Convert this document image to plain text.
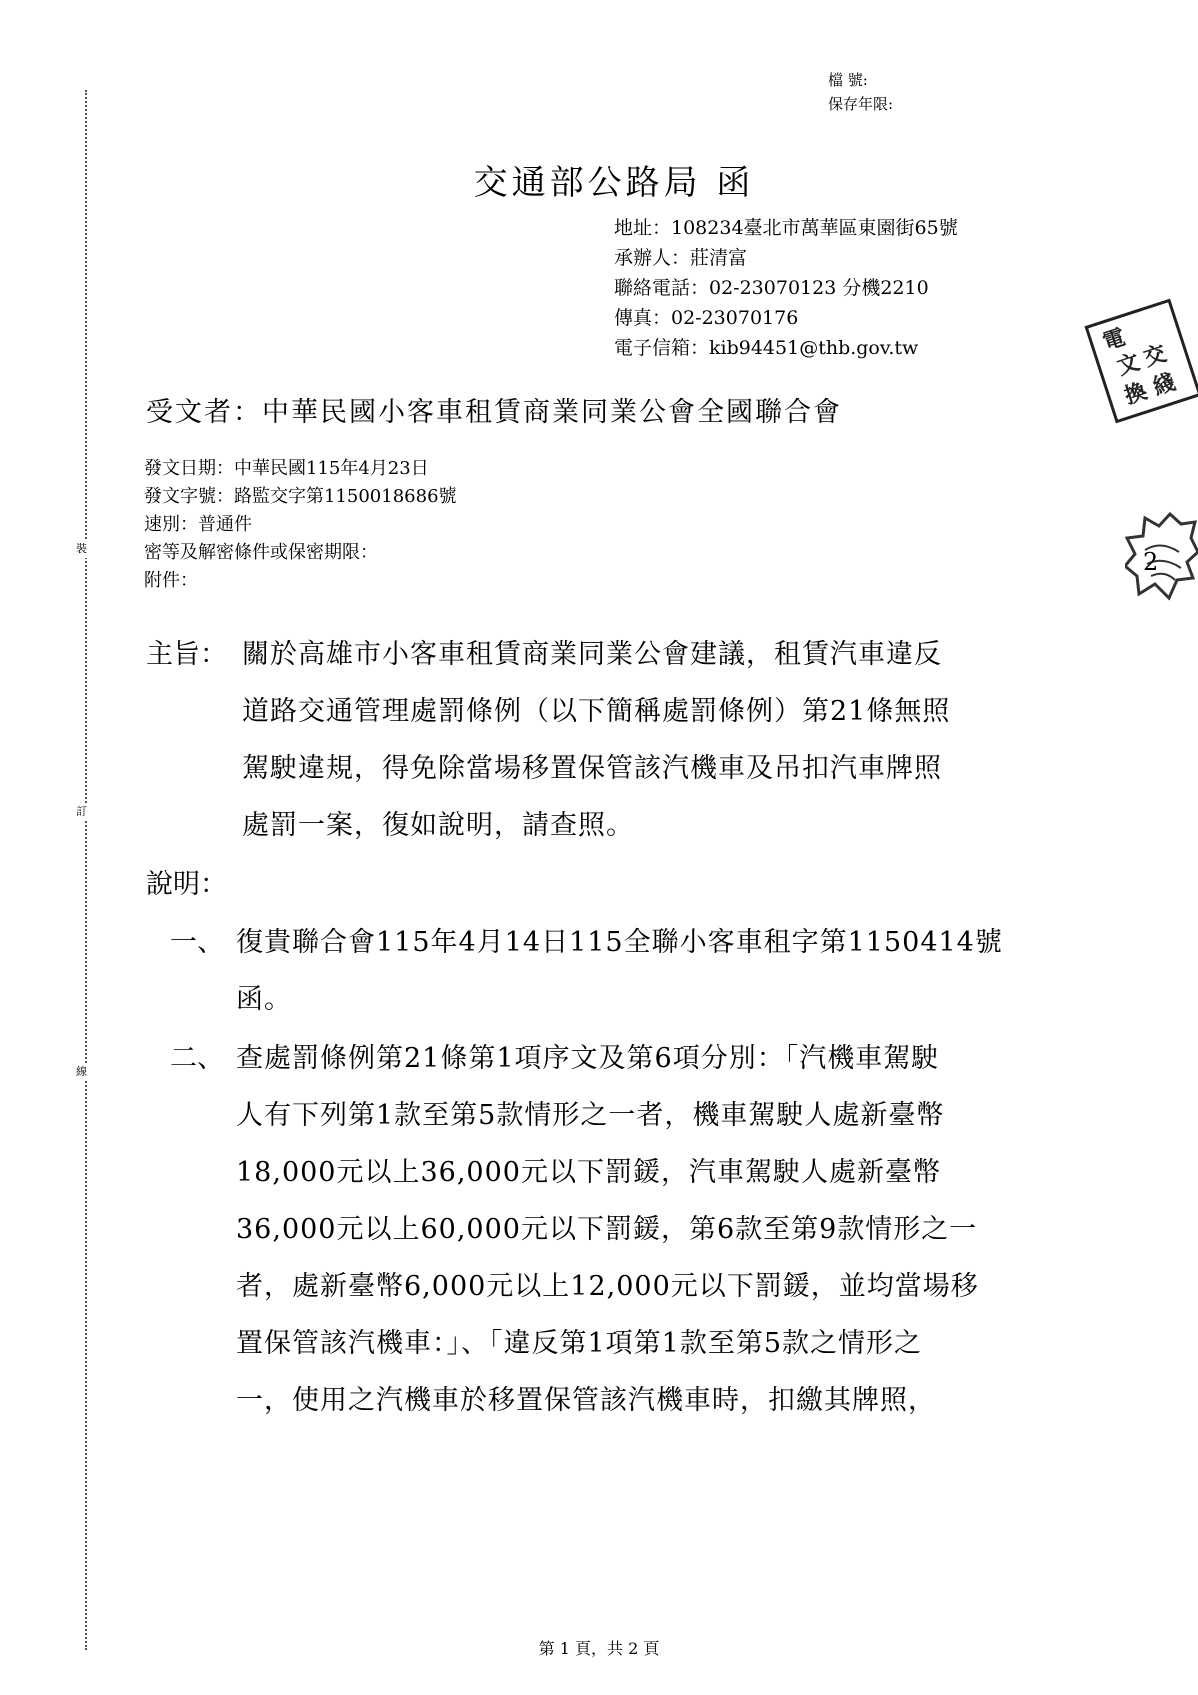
裝
訂
線
檔 號:
保存年限:
交通部公路局 函
地址：108234臺北市萬華區東園街65號
承辦人：莊清富
聯絡電話：02-23070123 分機2210
傳真：02-23070176
電子信箱：kib94451@thb.gov.tw	電
文
交
換 綫
2
受文者：中華民國小客車租賃商業同業公會全國聯合會
發文日期：中華民國115年4月23日
發文字號：路監交字第1150018686號
速別：普通件
密等及解密條件或保密期限：
附件：
主旨： 關於高雄市小客車租賃商業同業公會建議，租賃汽車違反
道路交通管理處罰條例（以下簡稱處罰條例）第21條無照
駕駛違規，得免除當場移置保管該汽機車及吊扣汽車牌照
處罰一案，復如說明，請查照。
說明：
一、 復貴聯合會115年4月14日115全聯小客車租字第1150414號
函。
二、 查處罰條例第21條第1項序文及第6項分別：「汽機車駕駛
人有下列第1款至第5款情形之一者，機車駕駛人處新臺幣
18,000元以上36,000元以下罰鍰，汽車駕駛人處新臺幣
36,000元以上60,000元以下罰鍰，第6款至第9款情形之一
者，處新臺幣6,000元以上12,000元以下罰鍰，並均當場移
置保管該汽機車：」、「違反第1項第1款至第5款之情形之
一，使用之汽機車於移置保管該汽機車時，扣繳其牌照，
第 1 頁，共 2 頁
